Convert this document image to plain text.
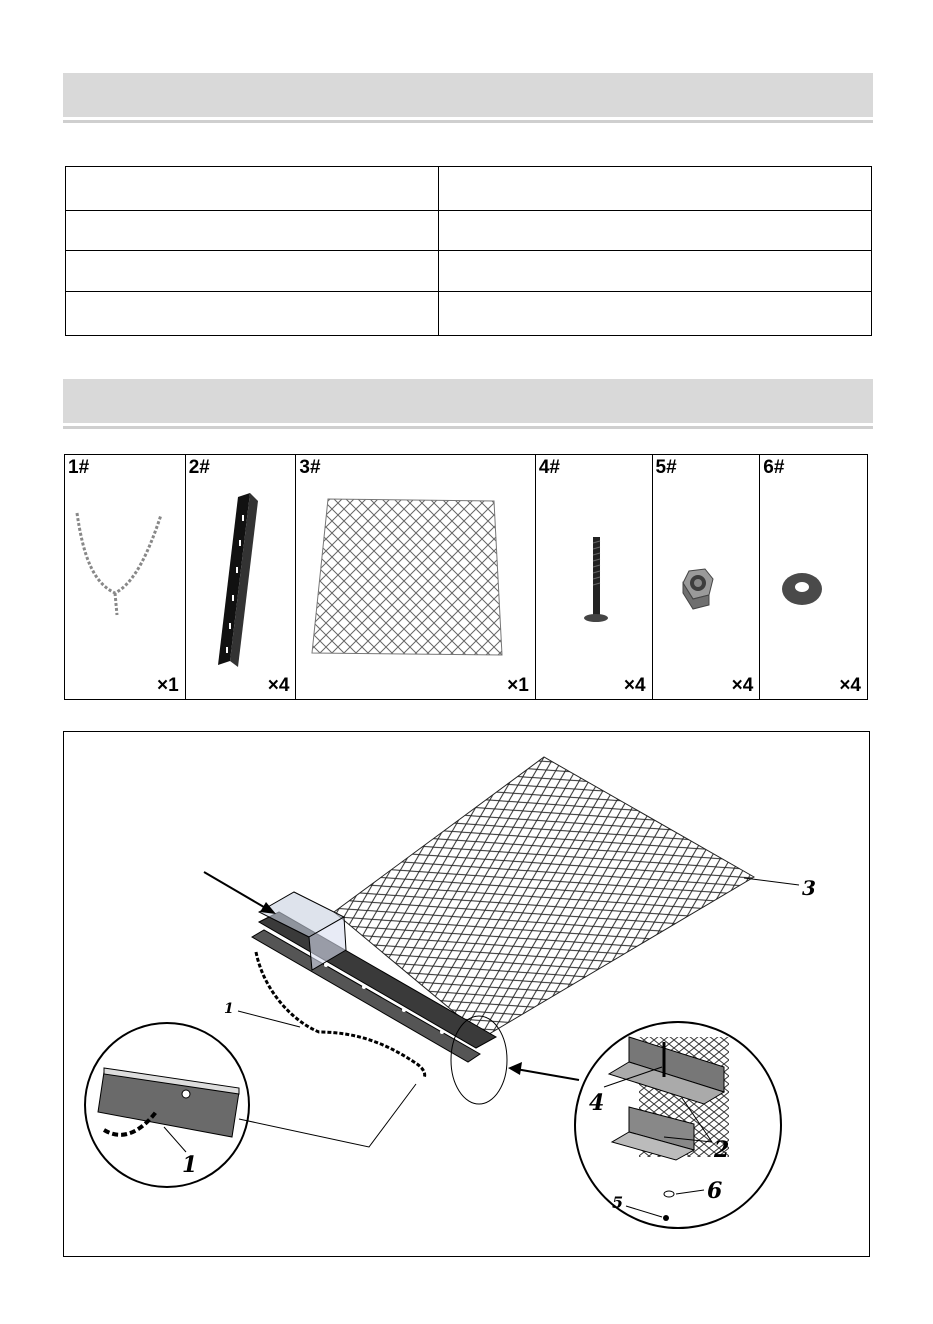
1#
×1
2#
×4
3#
×1
4#
×4
5#
×4
6#
×4
3
1
1
4
2
6
5
